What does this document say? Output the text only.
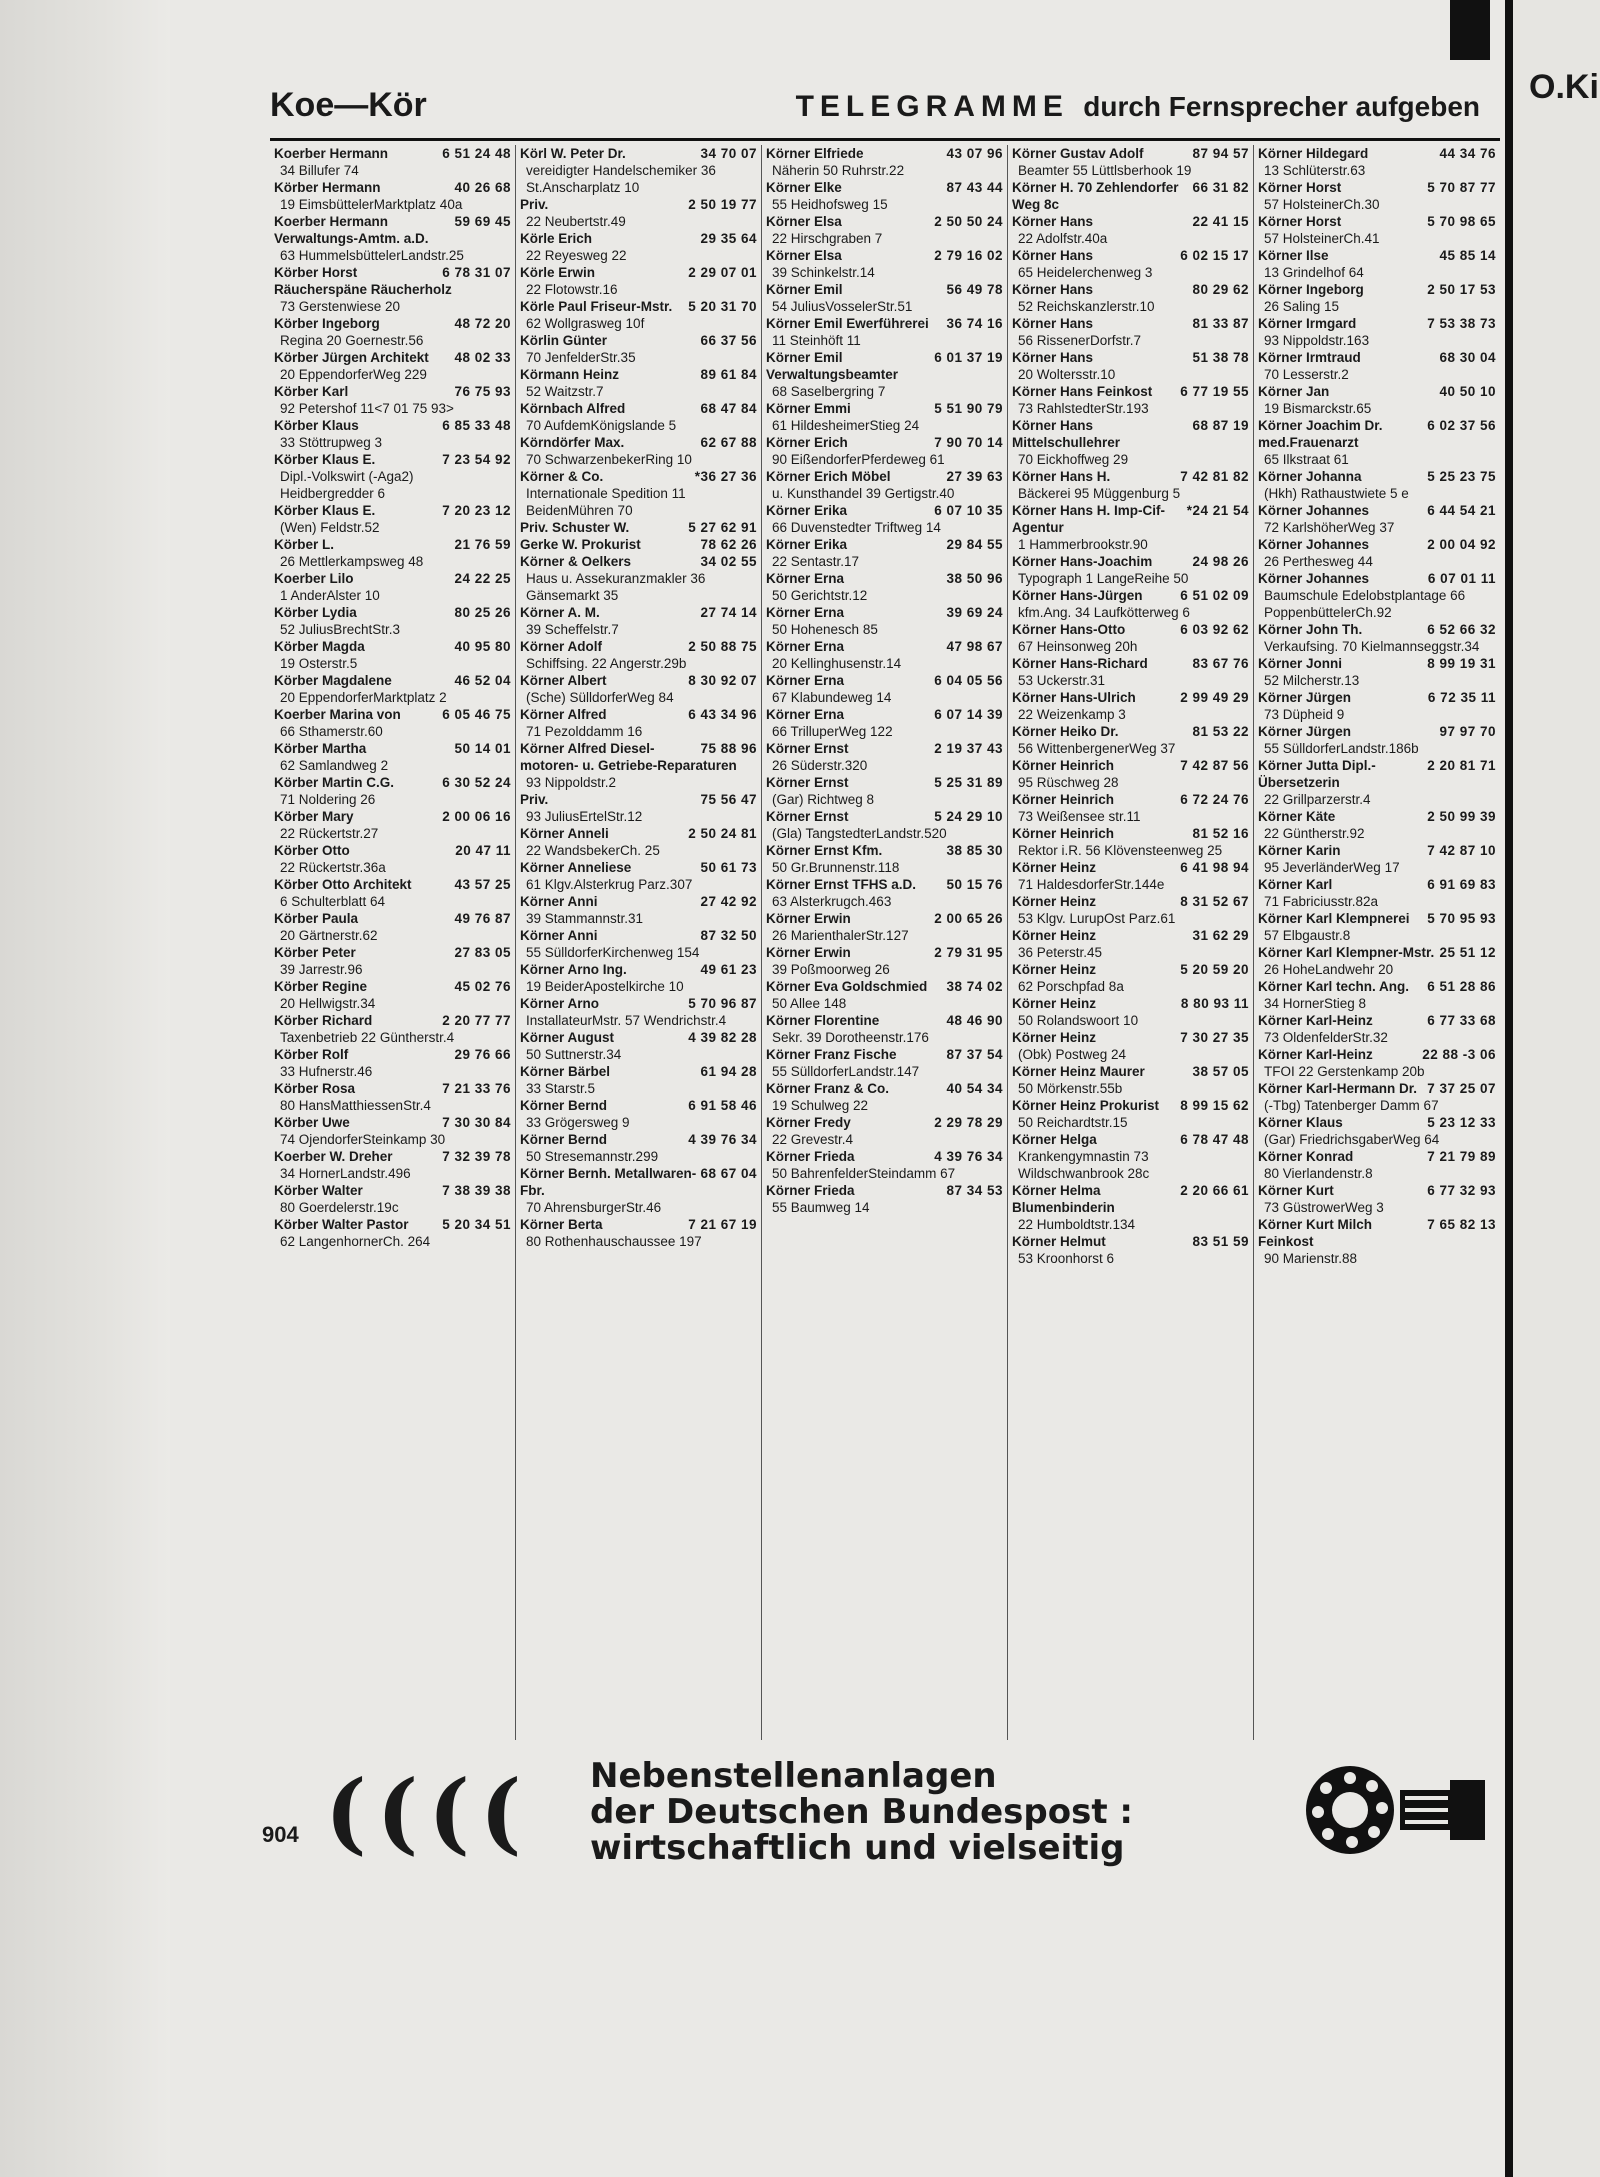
O.Ki
Koe—Kör	TELEGRAMME durch Fernsprecher aufgeben
6 51 24 48
Koerber Hermann
34 Billufer 74
40 26 68
Körber Hermann
19 EimsbüttelerMarktplatz 40a
59 69 45
Koerber Hermann Verwaltungs-Amtm. a.D.
63 HummelsbüttelerLandstr.25
6 78 31 07
Körber Horst Räucherspäne Räucherholz
73 Gerstenwiese 20
48 72 20
Körber Ingeborg
Regina 20 Goernestr.56
48 02 33
Körber Jürgen Architekt
20 EppendorferWeg 229
76 75 93
Körber Karl
92 Petershof 11<7 01 75 93>
6 85 33 48
Körber Klaus
33 Stöttrupweg 3
7 23 54 92
Körber Klaus E.
Dipl.-Volkswirt (-Aga2) Heidbergredder 6
7 20 23 12
Körber Klaus E.
(Wen) Feldstr.52
21 76 59
Körber L.
26 Mettlerkampsweg 48
24 22 25
Koerber Lilo
1 AnderAlster 10
80 25 26
Körber Lydia
52 JuliusBrechtStr.3
40 95 80
Körber Magda
19 Osterstr.5
46 52 04
Körber Magdalene
20 EppendorferMarktplatz 2
6 05 46 75
Koerber Marina von
66 Sthamerstr.60
50 14 01
Körber Martha
62 Samlandweg 2
6 30 52 24
Körber Martin C.G.
71 Noldering 26
2 00 06 16
Körber Mary
22 Rückertstr.27
20 47 11
Körber Otto
22 Rückertstr.36a
43 57 25
Körber Otto Architekt
6 Schulterblatt 64
49 76 87
Körber Paula
20 Gärtnerstr.62
27 83 05
Körber Peter
39 Jarrestr.96
45 02 76
Körber Regine
20 Hellwigstr.34
2 20 77 77
Körber Richard
Taxenbetrieb 22 Güntherstr.4
29 76 66
Körber Rolf
33 Hufnerstr.46
7 21 33 76
Körber Rosa
80 HansMatthiessenStr.4
7 30 30 84
Körber Uwe
74 OjendorferSteinkamp 30
7 32 39 78
Koerber W. Dreher
34 HornerLandstr.496
7 38 39 38
Körber Walter
80 Goerdelerstr.19c
5 20 34 51
Körber Walter Pastor
62 LangenhornerCh. 264
34 70 07
Körl W. Peter Dr.
vereidigter Handelschemiker 36 St.Anscharplatz 10
2 50 19 77
Priv.
22 Neubertstr.49
29 35 64
Körle Erich
22 Reyesweg 22
2 29 07 01
Körle Erwin
22 Flotowstr.16
5 20 31 70
Körle Paul Friseur-Mstr.
62 Wollgrasweg 10f
66 37 56
Körlin Günter
70 JenfelderStr.35
89 61 84
Körmann Heinz
52 Waitzstr.7
68 47 84
Körnbach Alfred
70 AufdemKönigslande 5
62 67 88
Körndörfer Max.
70 SchwarzenbekerRing 10
*36 27 36
Körner & Co.
Internationale Spedition 11 BeidenMühren 70
5 27 62 91
Priv. Schuster W.
78 62 26
Gerke W. Prokurist
34 02 55
Körner & Oelkers
Haus u. Assekuranzmakler 36 Gänsemarkt 35
27 74 14
Körner A. M.
39 Scheffelstr.7
2 50 88 75
Körner Adolf
Schiffsing. 22 Angerstr.29b
8 30 92 07
Körner Albert
(Sche) SülldorferWeg 84
6 43 34 96
Körner Alfred
71 Pezolddamm 16
75 88 96
Körner Alfred Diesel-motoren- u. Getriebe-Reparaturen
93 Nippoldstr.2
75 56 47
Priv.
93 JuliusErtelStr.12
2 50 24 81
Körner Anneli
22 WandsbekerCh. 25
50 61 73
Körner Anneliese
61 Klgv.Alsterkrug Parz.307
27 42 92
Körner Anni
39 Stammannstr.31
87 32 50
Körner Anni
55 SülldorferKirchenweg 154
49 61 23
Körner Arno Ing.
19 BeiderApostelkirche 10
5 70 96 87
Körner Arno
InstallateurMstr. 57 Wendrichstr.4
4 39 82 28
Körner August
50 Suttnerstr.34
61 94 28
Körner Bärbel
33 Starstr.5
6 91 58 46
Körner Bernd
33 Grögersweg 9
4 39 76 34
Körner Bernd
50 Stresemannstr.299
68 67 04
Körner Bernh. Metallwaren-Fbr.
70 AhrensburgerStr.46
7 21 67 19
Körner Berta
80 Rothenhauschaussee 197
43 07 96
Körner Elfriede
Näherin 50 Ruhrstr.22
87 43 44
Körner Elke
55 Heidhofsweg 15
2 50 50 24
Körner Elsa
22 Hirschgraben 7
2 79 16 02
Körner Elsa
39 Schinkelstr.14
56 49 78
Körner Emil
54 JuliusVosselerStr.51
36 74 16
Körner Emil Ewerführerei
11 Steinhöft 11
6 01 37 19
Körner Emil Verwaltungsbeamter
68 Saselbergring 7
5 51 90 79
Körner Emmi
61 HildesheimerStieg 24
7 90 70 14
Körner Erich
90 EißendorferPferdeweg 61
27 39 63
Körner Erich Möbel
u. Kunsthandel 39 Gertigstr.40
6 07 10 35
Körner Erika
66 Duvenstedter Triftweg 14
29 84 55
Körner Erika
22 Sentastr.17
38 50 96
Körner Erna
50 Gerichtstr.12
39 69 24
Körner Erna
50 Hohenesch 85
47 98 67
Körner Erna
20 Kellinghusenstr.14
6 04 05 56
Körner Erna
67 Klabundeweg 14
6 07 14 39
Körner Erna
66 TrilluperWeg 122
2 19 37 43
Körner Ernst
26 Süderstr.320
5 25 31 89
Körner Ernst
(Gar) Richtweg 8
5 24 29 10
Körner Ernst
(Gla) TangstedterLandstr.520
38 85 30
Körner Ernst Kfm.
50 Gr.Brunnenstr.118
50 15 76
Körner Ernst TFHS a.D.
63 Alsterkrugch.463
2 00 65 26
Körner Erwin
26 MarienthalerStr.127
2 79 31 95
Körner Erwin
39 Poßmoorweg 26
38 74 02
Körner Eva Goldschmied
50 Allee 148
48 46 90
Körner Florentine
Sekr. 39 Dorotheenstr.176
87 37 54
Körner Franz Fische
55 SülldorferLandstr.147
40 54 34
Körner Franz & Co.
19 Schulweg 22
2 29 78 29
Körner Fredy
22 Grevestr.4
4 39 76 34
Körner Frieda
50 BahrenfelderSteindamm 67
87 34 53
Körner Frieda
55 Baumweg 14
87 94 57
Körner Gustav Adolf
Beamter 55 Lüttlsberhook 19
66 31 82
Körner H. 70 Zehlendorfer Weg 8c
22 41 15
Körner Hans
22 Adolfstr.40a
6 02 15 17
Körner Hans
65 Heidelerchenweg 3
80 29 62
Körner Hans
52 Reichskanzlerstr.10
81 33 87
Körner Hans
56 RissenerDorfstr.7
51 38 78
Körner Hans
20 Woltersstr.10
6 77 19 55
Körner Hans Feinkost
73 RahlstedterStr.193
68 87 19
Körner Hans Mittelschullehrer
70 Eickhoffweg 29
7 42 81 82
Körner Hans H.
Bäckerei 95 Müggenburg 5
*24 21 54
Körner Hans H. Imp-Cif-Agentur
1 Hammerbrookstr.90
24 98 26
Körner Hans-Joachim
Typograph 1 LangeReihe 50
6 51 02 09
Körner Hans-Jürgen
kfm.Ang. 34 Laufkötterweg 6
6 03 92 62
Körner Hans-Otto
67 Heinsonweg 20h
83 67 76
Körner Hans-Richard
53 Uckerstr.31
2 99 49 29
Körner Hans-Ulrich
22 Weizenkamp 3
81 53 22
Körner Heiko Dr.
56 WittenbergenerWeg 37
7 42 87 56
Körner Heinrich
95 Rüschweg 28
6 72 24 76
Körner Heinrich
73 Weißensee str.11
81 52 16
Körner Heinrich
Rektor i.R. 56 Klövensteenweg 25
6 41 98 94
Körner Heinz
71 HaldesdorferStr.144e
8 31 52 67
Körner Heinz
53 Klgv. LurupOst Parz.61
31 62 29
Körner Heinz
36 Peterstr.45
5 20 59 20
Körner Heinz
62 Porschpfad 8a
8 80 93 11
Körner Heinz
50 Rolandswoort 10
7 30 27 35
Körner Heinz
(Obk) Postweg 24
38 57 05
Körner Heinz Maurer
50 Mörkenstr.55b
8 99 15 62
Körner Heinz Prokurist
50 Reichardtstr.15
6 78 47 48
Körner Helga
Krankengymnastin 73 Wildschwanbrook 28c
2 20 66 61
Körner Helma Blumenbinderin
22 Humboldtstr.134
83 51 59
Körner Helmut
53 Kroonhorst 6
44 34 76
Körner Hildegard
13 Schlüterstr.63
5 70 87 77
Körner Horst
57 HolsteinerCh.30
5 70 98 65
Körner Horst
57 HolsteinerCh.41
45 85 14
Körner Ilse
13 Grindelhof 64
2 50 17 53
Körner Ingeborg
26 Saling 15
7 53 38 73
Körner Irmgard
93 Nippoldstr.163
68 30 04
Körner Irmtraud
70 Lesserstr.2
40 50 10
Körner Jan
19 Bismarckstr.65
6 02 37 56
Körner Joachim Dr. med.Frauenarzt
65 Ilkstraat 61
5 25 23 75
Körner Johanna
(Hkh) Rathaustwiete 5 e
6 44 54 21
Körner Johannes
72 KarlshöherWeg 37
2 00 04 92
Körner Johannes
26 Perthesweg 44
6 07 01 11
Körner Johannes
Baumschule Edelobstplantage 66 PoppenbüttelerCh.92
6 52 66 32
Körner John Th.
Verkaufsing. 70 Kielmannseggstr.34
8 99 19 31
Körner Jonni
52 Milcherstr.13
6 72 35 11
Körner Jürgen
73 Düpheid 9
97 97 70
Körner Jürgen
55 SülldorferLandstr.186b
2 20 81 71
Körner Jutta Dipl.-Übersetzerin
22 Grillparzerstr.4
2 50 99 39
Körner Käte
22 Güntherstr.92
7 42 87 10
Körner Karin
95 JeverländerWeg 17
6 91 69 83
Körner Karl
71 Fabriciusstr.82a
5 70 95 93
Körner Karl Klempnerei
57 Elbgaustr.8
25 51 12
Körner Karl Klempner-Mstr.
26 HoheLandwehr 20
6 51 28 86
Körner Karl techn. Ang.
34 HornerStieg 8
6 77 33 68
Körner Karl-Heinz
73 OldenfelderStr.32
22 88 -3 06
Körner Karl-Heinz
TFOI 22 Gerstenkamp 20b
7 37 25 07
Körner Karl-Hermann Dr.
(-Tbg) Tatenberger Damm 67
5 23 12 33
Körner Klaus
(Gar) FriedrichsgaberWeg 64
7 21 79 89
Körner Konrad
80 Vierlandenstr.8
6 77 32 93
Körner Kurt
73 GüstrowerWeg 3
7 65 82 13
Körner Kurt Milch Feinkost
90 Marienstr.88
904 (((( Nebenstellenanlagen
der Deutschen Bundespost :
wirtschaftlich und vielseitig
